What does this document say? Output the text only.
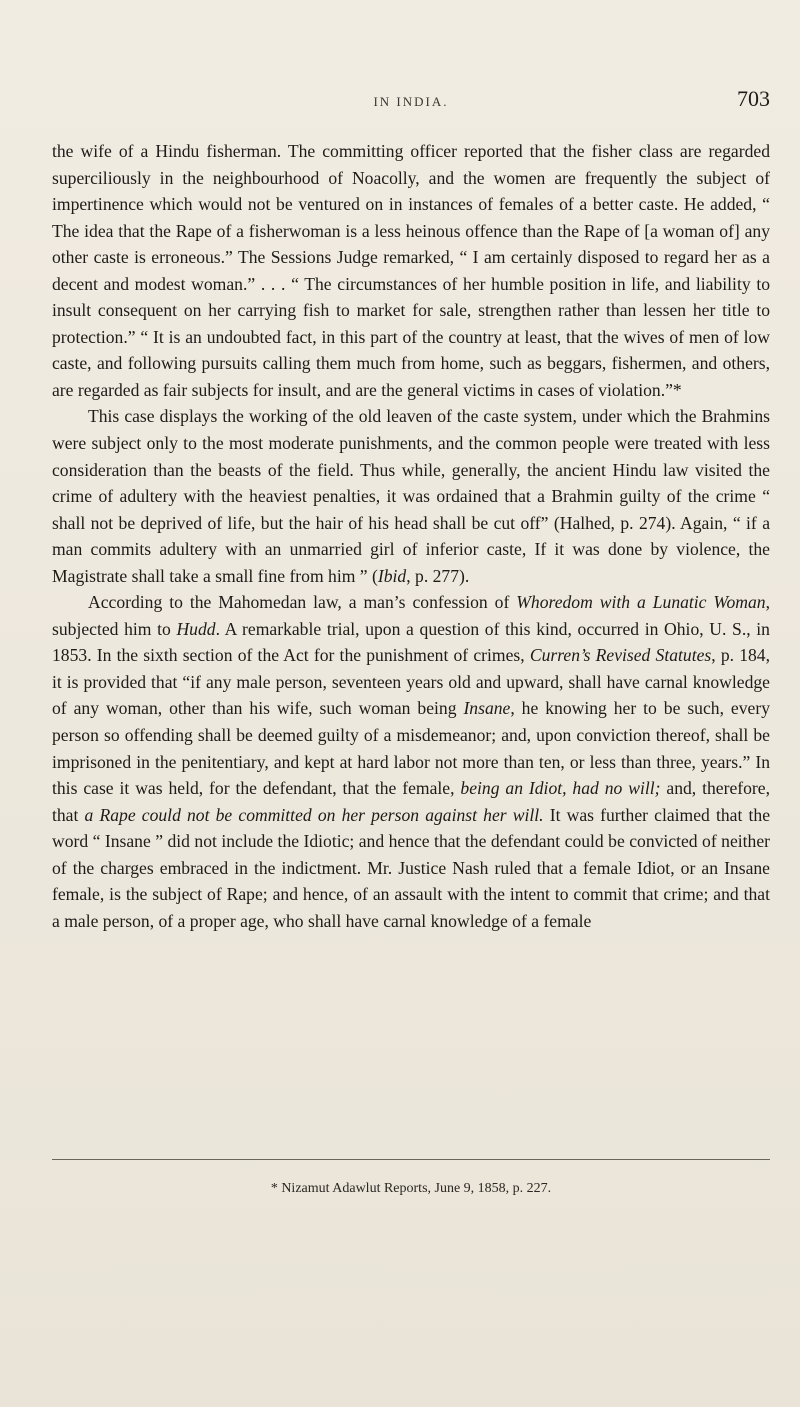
IN INDIA.	703

the wife of a Hindu fisherman. The committing officer reported that the fisher class are regarded superciliously in the neighbourhood of Noacolly, and the women are frequently the subject of impertinence which would not be ventured on in instances of females of a better caste. He added, “ The idea that the Rape of a fisherwoman is a less heinous offence than the Rape of [a woman of] any other caste is erroneous.” The Sessions Judge remarked, “ I am certainly disposed to regard her as a decent and modest woman.” . . . “ The circumstances of her humble position in life, and liability to insult consequent on her carrying fish to market for sale, strengthen rather than lessen her title to protection.” “ It is an undoubted fact, in this part of the country at least, that the wives of men of low caste, and following pursuits calling them much from home, such as beggars, fishermen, and others, are regarded as fair subjects for insult, and are the general victims in cases of violation.”*

This case displays the working of the old leaven of the caste system, under which the Brahmins were subject only to the most moderate punishments, and the common people were treated with less consideration than the beasts of the field. Thus while, generally, the ancient Hindu law visited the crime of adultery with the heaviest penalties, it was ordained that a Brahmin guilty of the crime “ shall not be deprived of life, but the hair of his head shall be cut off” (Halhed, p. 274). Again, “ if a man commits adultery with an unmarried girl of inferior caste, If it was done by violence, the Magistrate shall take a small fine from him ” (Ibid, p. 277).

According to the Mahomedan law, a man’s confession of Whoredom with a Lunatic Woman, subjected him to Hudd. A remarkable trial, upon a question of this kind, occurred in Ohio, U. S., in 1853. In the sixth section of the Act for the punishment of crimes, Curren’s Revised Statutes, p. 184, it is provided that “if any male person, seventeen years old and upward, shall have carnal knowledge of any woman, other than his wife, such woman being Insane, he knowing her to be such, every person so offending shall be deemed guilty of a misdemeanor; and, upon conviction thereof, shall be imprisoned in the penitentiary, and kept at hard labor not more than ten, or less than three, years.” In this case it was held, for the defendant, that the female, being an Idiot, had no will; and, therefore, that a Rape could not be committed on her person against her will. It was further claimed that the word “ Insane ” did not include the Idiotic; and hence that the defendant could be convicted of neither of the charges embraced in the indictment. Mr. Justice Nash ruled that a female Idiot, or an Insane female, is the subject of Rape; and hence, of an assault with the intent to commit that crime; and that a male person, of a proper age, who shall have carnal knowledge of a female

* Nizamut Adawlut Reports, June 9, 1858, p. 227.
